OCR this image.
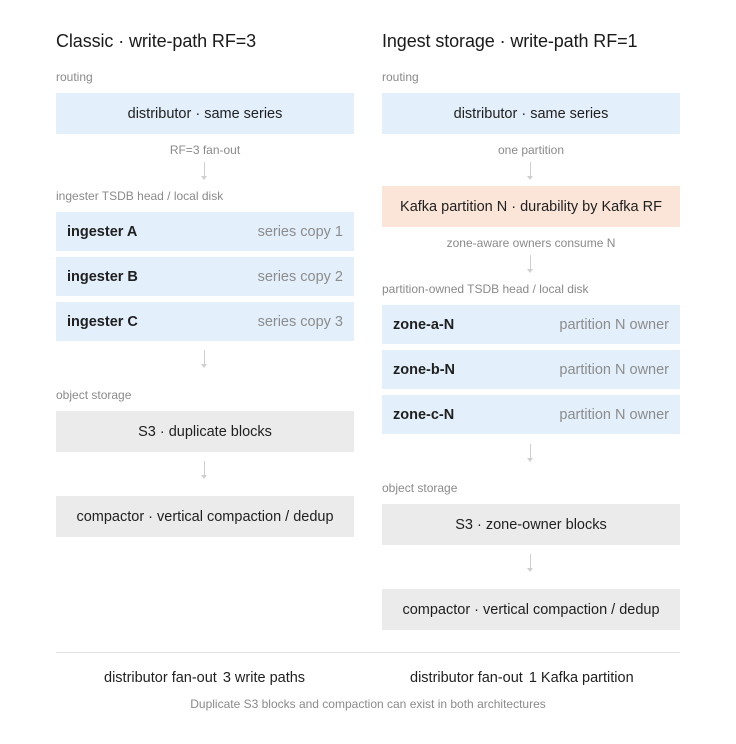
Classic · write-path RF=3
routing
distributor · same series
RF=3 fan-out
ingester TSDB head / local disk
ingester A	series copy 1
ingester B	series copy 2
ingester C	series copy 3
object storage
S3 · duplicate blocks
compactor · vertical compaction / dedup
Ingest storage · write-path RF=1
routing
distributor · same series
one partition
Kafka partition N · durability by Kafka RF
zone-aware owners consume N
partition-owned TSDB head / local disk
zone-a-N	partition N owner
zone-b-N	partition N owner
zone-c-N	partition N owner
object storage
S3 · zone-owner blocks
compactor · vertical compaction / dedup
distributor fan-out 3 write paths	distributor fan-out 1 Kafka partition
Duplicate S3 blocks and compaction can exist in both architectures
